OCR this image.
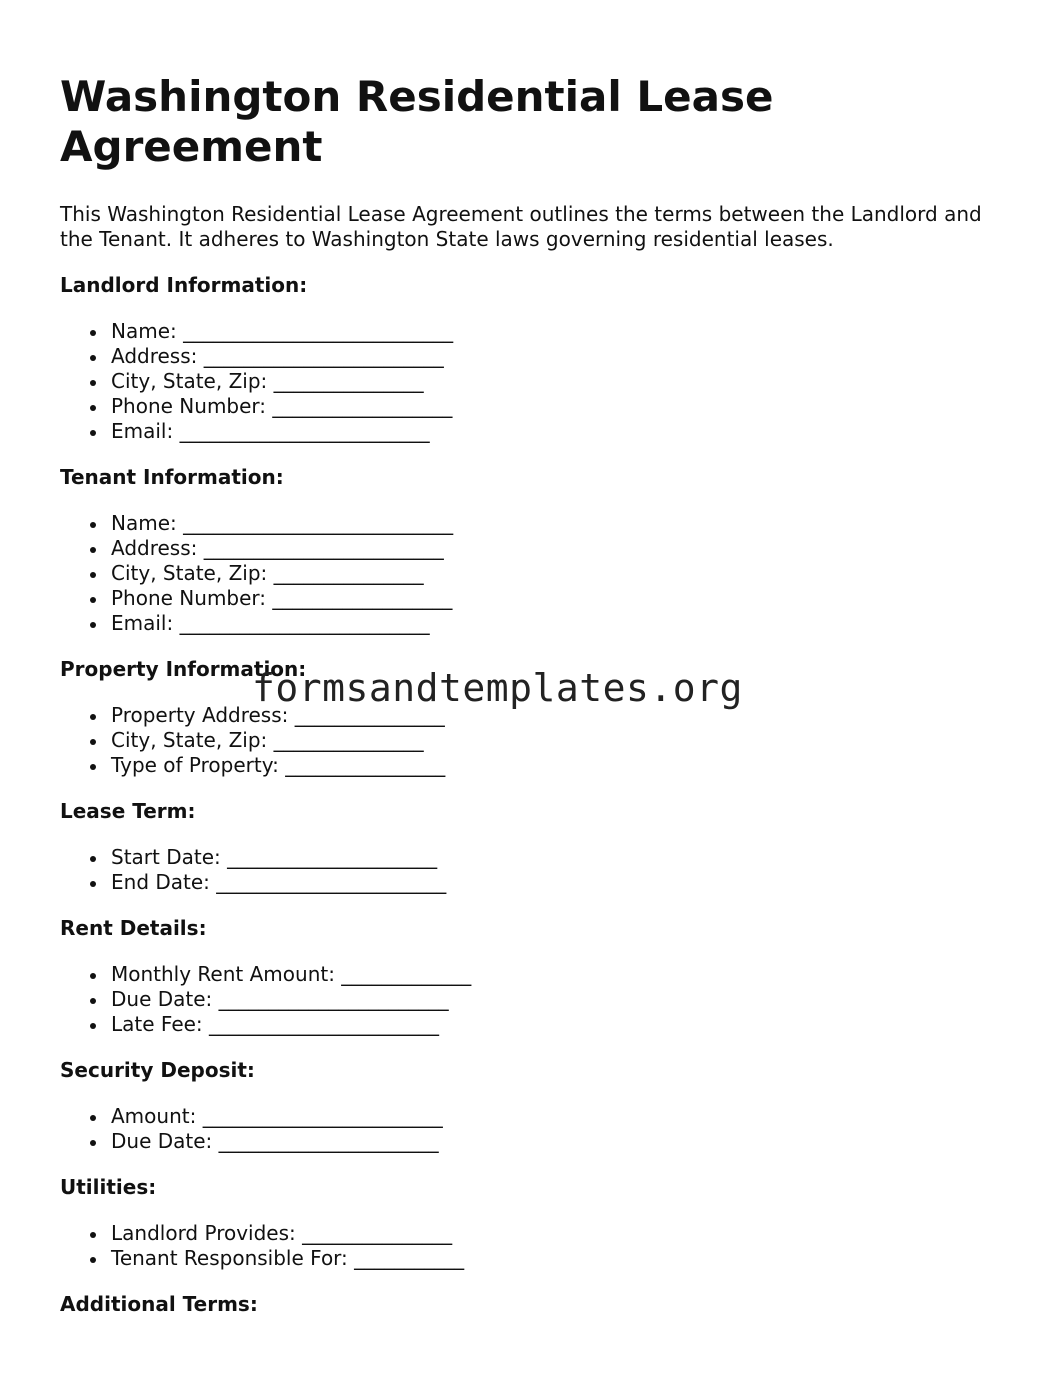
Washington Residential Lease Agreement

This Washington Residential Lease Agreement outlines the terms between the Landlord and the Tenant. It adheres to Washington State laws governing residential leases.

Landlord Information:

Name: ___________________________
Address: ________________________
City, State, Zip: _______________
Phone Number: __________________
Email: _________________________

Tenant Information:

Name: ___________________________
Address: ________________________
City, State, Zip: _______________
Phone Number: __________________
Email: _________________________

Property Information:

Property Address: _______________
City, State, Zip: _______________
Type of Property: ________________

Lease Term:

Start Date: _____________________
End Date: _______________________

Rent Details:

Monthly Rent Amount: _____________
Due Date: _______________________
Late Fee: _______________________

Security Deposit:

Amount: ________________________
Due Date: ______________________

Utilities:

Landlord Provides: _______________
Tenant Responsible For: ___________

Additional Terms:

formsandtemplates.org
